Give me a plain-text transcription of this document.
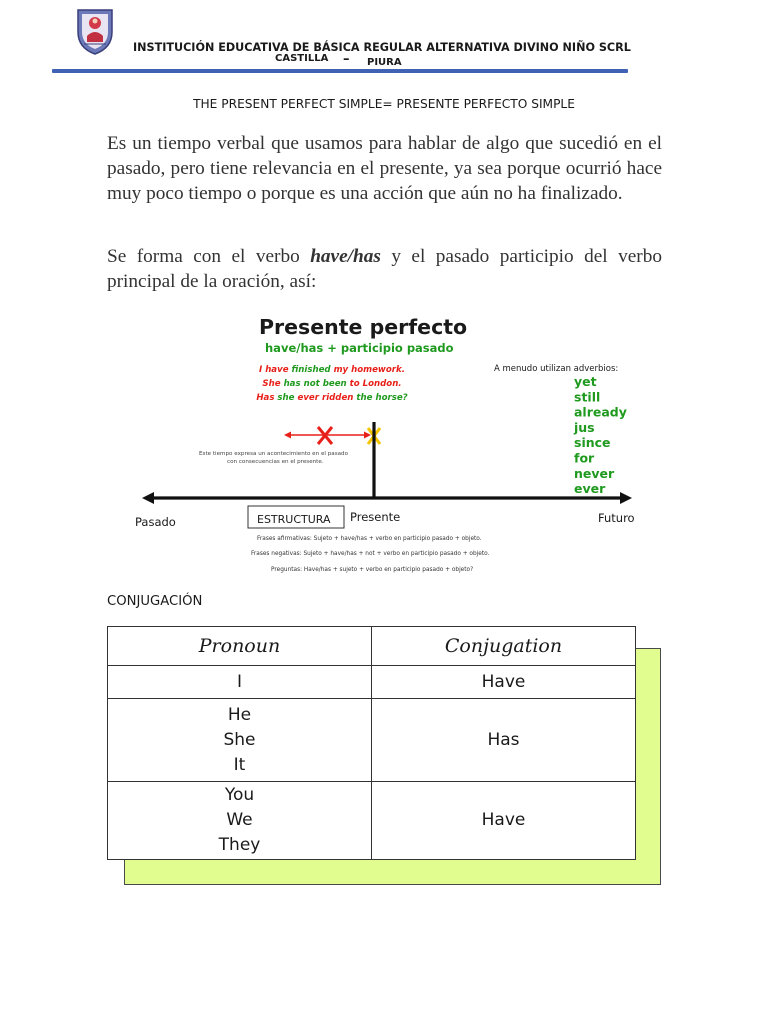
INSTITUCIÓN EDUCATIVA DE BÁSICA REGULAR ALTERNATIVA DIVINO NIÑO SCRL
CASTILLA – PIURA
THE PRESENT PERFECT SIMPLE= PRESENTE PERFECTO SIMPLE
Es un tiempo verbal que usamos para hablar de algo que sucedió en el pasado, pero tiene relevancia en el presente, ya sea porque ocurrió hace muy poco tiempo o porque es una acción que aún no ha finalizado.
Se forma con el verbo have/has y el pasado participio del verbo principal de la oración, así:
Presente perfecto
have/has + participio pasado
I have finished my homework.
She has not been to London.
Has she ever ridden the horse?
A menudo utilizan adverbios:
yet
still
already
jus
since
for
never
ever
Este tiempo expresa un acontecimiento en el pasado
con consecuencias en el presente.
Pasado	ESTRUCTURA Presente	Futuro
Frases afirmativas: Sujeto + have/has + verbo en participio pasado + objeto.
Frases negativas: Sujeto + have/has + not + verbo en participio pasado + objeto.
Preguntas: Have/has + sujeto + verbo en participio pasado + objeto?
CONJUGACIÓN
Pronoun	Conjugation

I	Have

He
She
It	Has

You
We
They	Have
